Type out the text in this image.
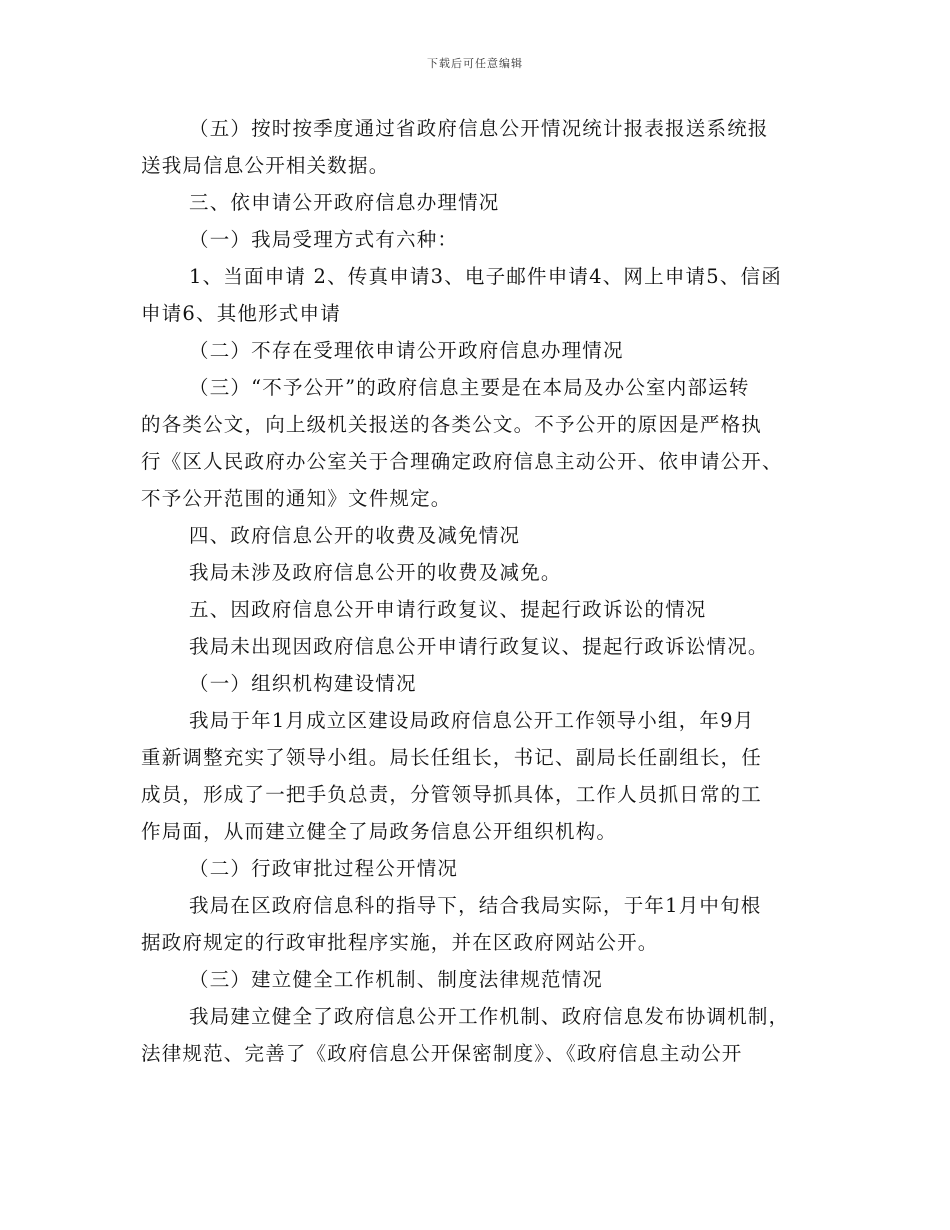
下载后可任意编辑
（五）按时按季度通过省政府信息公开情况统计报表报送系统报
送我局信息公开相关数据。
三、依申请公开政府信息办理情况
（一）我局受理方式有六种：
1、当面申请 2、传真申请3、电子邮件申请4、网上申请5、信函
申请6、其他形式申请
（二）不存在受理依申请公开政府信息办理情况
（三）“不予公开”的政府信息主要是在本局及办公室内部运转
的各类公文，向上级机关报送的各类公文。不予公开的原因是严格执
行《区人民政府办公室关于合理确定政府信息主动公开、依申请公开、
不予公开范围的通知》文件规定。
四、政府信息公开的收费及减免情况
我局未涉及政府信息公开的收费及减免。
五、因政府信息公开申请行政复议、提起行政诉讼的情况
我局未出现因政府信息公开申请行政复议、提起行政诉讼情况。
（一）组织机构建设情况
我局于年1月成立区建设局政府信息公开工作领导小组，年9月
重新调整充实了领导小组。局长任组长，书记、副局长任副组长，任
成员，形成了一把手负总责，分管领导抓具体，工作人员抓日常的工
作局面，从而建立健全了局政务信息公开组织机构。
（二）行政审批过程公开情况
我局在区政府信息科的指导下，结合我局实际，于年1月中旬根
据政府规定的行政审批程序实施，并在区政府网站公开。
（三）建立健全工作机制、制度法律规范情况
我局建立健全了政府信息公开工作机制、政府信息发布协调机制，
法律规范、完善了《政府信息公开保密制度》、《政府信息主动公开
